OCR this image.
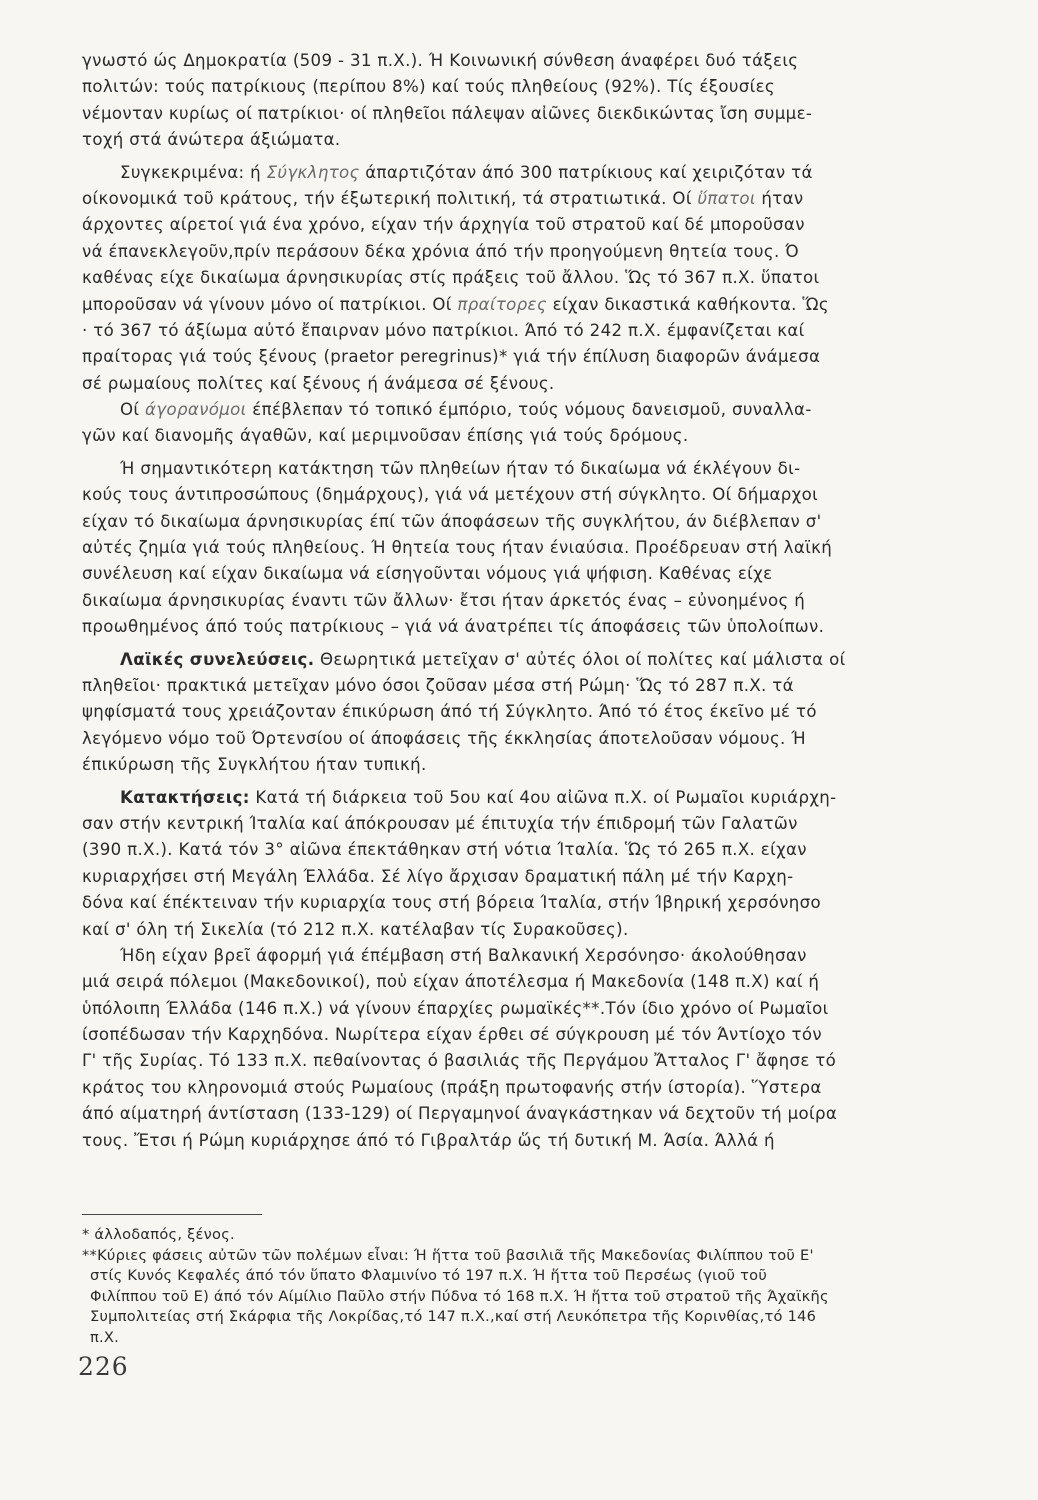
γνωστό ώς Δημοκρατία (509 - 31 π.Χ.). Ή Κοινωνική σύνθεση άναφέρει δυό τάξεις
πολιτών: τούς πατρίκιους (περίπου 8%) καί τούς πληθείους (92%). Τίς έξουσίες
νέμονταν κυρίως οί πατρίκιοι· οί πληθεῖοι πάλεψαν αἰῶνες διεκδικώντας ἴση συμμε-
τοχή στά άνώτερα άξιώματα.
Συγκεκριμένα: ή Σύγκλητος άπαρτιζόταν άπό 300 πατρίκιους καί χειριζόταν τά
οίκονομικά τοῦ κράτους, τήν έξωτερική πολιτική, τά στρατιωτικά. Οί ὕπατοι ήταν
άρχοντες αίρετοί γιά ένα χρόνο, είχαν τήν άρχηγία τοῦ στρατοῦ καί δέ μποροῦσαν
νά έπανεκλεγοῦν,πρίν περάσουν δέκα χρόνια άπό τήν προηγούμενη θητεία τους. Ό
καθένας είχε δικαίωμα άρνησικυρίας στίς πράξεις τοῦ ἄλλου. Ὥς τό 367 π.Χ. ὕπατοι
μποροῦσαν νά γίνουν μόνο οί πατρίκιοι. Οί πραίτορες είχαν δικαστικά καθήκοντα. Ὥς
· τό 367 τό άξίωμα αὐτό ἔπαιρναν μόνο πατρίκιοι. Άπό τό 242 π.Χ. έμφανίζεται καί
πραίτορας γιά τούς ξένους (praetor peregrinus)* γιά τήν έπίλυση διαφορῶν άνάμεσα
σέ ρωμαίους πολίτες καί ξένους ή άνάμεσα σέ ξένους.
Οί άγορανόμοι έπέβλεπαν τό τοπικό έμπόριο, τούς νόμους δανεισμοῦ, συναλλα-
γῶν καί διανομῆς άγαθῶν, καί μεριμνοῦσαν έπίσης γιά τούς δρόμους.
Ή σημαντικότερη κατάκτηση τῶν πληθείων ήταν τό δικαίωμα νά έκλέγουν δι-
κούς τους άντιπροσώπους (δημάρχους), γιά νά μετέχουν στή σύγκλητο. Οί δήμαρχοι
είχαν τό δικαίωμα άρνησικυρίας έπί τῶν άποφάσεων τῆς συγκλήτου, άν διέβλεπαν σ'
αὐτές ζημία γιά τούς πληθείους. Ή θητεία τους ήταν ένιαύσια. Προέδρευαν στή λαϊκή
συνέλευση καί είχαν δικαίωμα νά είσηγοῦνται νόμους γιά ψήφιση. Καθένας είχε
δικαίωμα άρνησικυρίας έναντι τῶν ἄλλων· ἔτσι ήταν άρκετός ένας – εὐνοημένος ή
προωθημένος άπό τούς πατρίκιους – γιά νά άνατρέπει τίς άποφάσεις τῶν ὑπολοίπων.
Λαϊκές συνελεύσεις. Θεωρητικά μετεῖχαν σ' αὐτές όλοι οί πολίτες καί μάλιστα οί
πληθεῖοι· πρακτικά μετεῖχαν μόνο όσοι ζοῦσαν μέσα στή Ρώμη· Ὥς τό 287 π.Χ. τά
ψηφίσματά τους χρειάζονταν έπικύρωση άπό τή Σύγκλητο. Άπό τό έτος έκεῖνο μέ τό
λεγόμενο νόμο τοῦ Όρτενσίου οί άποφάσεις τῆς έκκλησίας άποτελοῦσαν νόμους. Ή
έπικύρωση τῆς Συγκλήτου ήταν τυπική.
Κατακτήσεις: Κατά τή διάρκεια τοῦ 5ου καί 4ου αἰῶνα π.Χ. οί Ρωμαῖοι κυριάρχη-
σαν στήν κεντρική Ίταλία καί άπόκρουσαν μέ έπιτυχία τήν έπιδρομή τῶν Γαλατῶν
(390 π.Χ.). Κατά τόν 3° αἰῶνα έπεκτάθηκαν στή νότια Ίταλία. Ὥς τό 265 π.Χ. είχαν
κυριαρχήσει στή Μεγάλη Έλλάδα. Σέ λίγο ἄρχισαν δραματική πάλη μέ τήν Καρχη-
δόνα καί έπέκτειναν τήν κυριαρχία τους στή βόρεια Ίταλία, στήν Ίβηρική χερσόνησο
καί σ' όλη τή Σικελία (τό 212 π.Χ. κατέλαβαν τίς Συρακοῦσες).
Ήδη είχαν βρεῖ άφορμή γιά έπέμβαση στή Βαλκανική Χερσόνησο· άκολούθησαν
μιά σειρά πόλεμοι (Μακεδονικοί), ποὑ είχαν άποτέλεσμα ή Μακεδονία (148 π.Χ) καί ή
ὑπόλοιπη Έλλάδα (146 π.Χ.) νά γίνουν έπαρχίες ρωμαϊκές**.Τόν ίδιο χρόνο οί Ρωμαῖοι
ίσοπέδωσαν τήν Καρχηδόνα. Νωρίτερα είχαν έρθει σέ σύγκρουση μέ τόν Άντίοχο τόν
Γ' τῆς Συρίας. Τό 133 π.Χ. πεθαίνοντας ό βασιλιάς τῆς Περγάμου Ἄτταλος Γ' ἄφησε τό
κράτος του κληρονομιά στούς Ρωμαίους (πράξη πρωτοφανής στήν ίστορία). Ὕστερα
άπό αίματηρή άντίσταση (133-129) οί Περγαμηνοί άναγκάστηκαν νά δεχτοῦν τή μοίρα
τους. Ἔτσι ή Ρώμη κυριάρχησε άπό τό Γιβραλτάρ ὥς τή δυτική Μ. Άσία. Άλλά ή
* άλλοδαπός, ξένος.
**Κύριες φάσεις αὐτῶν τῶν πολέμων εἶναι: Ή ἥττα τοῦ βασιλιᾶ τῆς Μακεδονίας Φιλίππου τοῦ Ε'
στίς Κυνός Κεφαλές άπό τόν ὕπατο Φλαμινίνο τό 197 π.Χ. Ή ἥττα τοῦ Περσέως (γιοῦ τοῦ
Φιλίππου τοῦ Ε) άπό τόν Αίμίλιο Παῦλο στήν Πύδνα τό 168 π.Χ. Ή ἥττα τοῦ στρατοῦ τῆς Άχαϊκῆς
Συμπολιτείας στή Σκάρφια τῆς Λοκρίδας,τό 147 π.Χ.,καί στή Λευκόπετρα τῆς Κορινθίας,τό 146
π.Χ.
226
